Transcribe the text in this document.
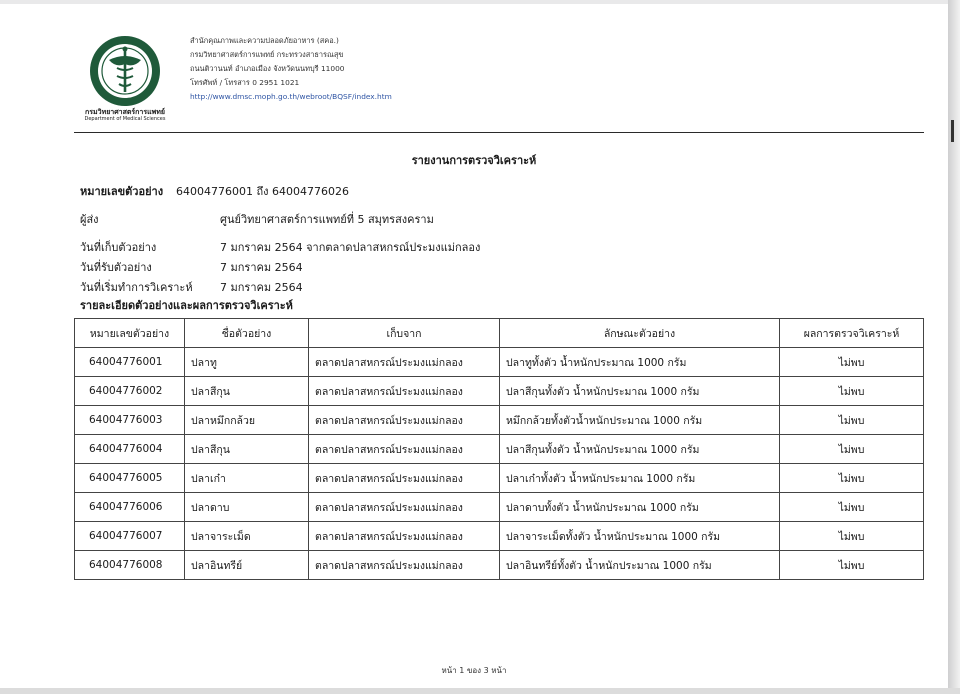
กรมวิทยาศาสตร์การแพทย์
Department of Medical Sciences
สำนักคุณภาพและความปลอดภัยอาหาร (สคอ.)
กรมวิทยาศาสตร์การแพทย์ กระทรวงสาธารณสุข
ถนนติวานนท์ อำเภอเมือง จังหวัดนนทบุรี 11000
โทรศัพท์ / โทรสาร 0 2951 1021
http://www.dmsc.moph.go.th/webroot/BQSF/index.htm
รายงานการตรวจวิเคราะห์
หมายเลขตัวอย่าง 64004776001 ถึง 64004776026
ผู้ส่ง	ศูนย์วิทยาศาสตร์การแพทย์ที่ 5 สมุทรสงคราม
วันที่เก็บตัวอย่าง	7 มกราคม 2564 จากตลาดปลาสหกรณ์ประมงแม่กลอง
วันที่รับตัวอย่าง	7 มกราคม 2564
วันที่เริ่มทำการวิเคราะห์ 7 มกราคม 2564
รายละเอียดตัวอย่างและผลการตรวจวิเคราะห์
หมายเลขตัวอย่าง	ชื่อตัวอย่าง	เก็บจาก	ลักษณะตัวอย่าง	ผลการตรวจวิเคราะห์
64004776001	ปลาทู	ตลาดปลาสหกรณ์ประมงแม่กลอง	ปลาทูทั้งตัว น้ำหนักประมาณ 1000 กรัม	ไม่พบ
64004776002	ปลาสีกุน	ตลาดปลาสหกรณ์ประมงแม่กลอง	ปลาสีกุนทั้งตัว น้ำหนักประมาณ 1000 กรัม	ไม่พบ
64004776003	ปลาหมึกกล้วย	ตลาดปลาสหกรณ์ประมงแม่กลอง	หมึกกล้วยทั้งตัวน้ำหนักประมาณ 1000 กรัม	ไม่พบ
64004776004	ปลาสีกุน	ตลาดปลาสหกรณ์ประมงแม่กลอง	ปลาสีกุนทั้งตัว น้ำหนักประมาณ 1000 กรัม	ไม่พบ
64004776005	ปลาเก๋า	ตลาดปลาสหกรณ์ประมงแม่กลอง	ปลาเก๋าทั้งตัว น้ำหนักประมาณ 1000 กรัม	ไม่พบ
64004776006	ปลาดาบ	ตลาดปลาสหกรณ์ประมงแม่กลอง	ปลาดาบทั้งตัว น้ำหนักประมาณ 1000 กรัม	ไม่พบ
64004776007	ปลาจาระเม็ด	ตลาดปลาสหกรณ์ประมงแม่กลอง	ปลาจาระเม็ดทั้งตัว น้ำหนักประมาณ 1000 กรัม	ไม่พบ
64004776008	ปลาอินทรีย์	ตลาดปลาสหกรณ์ประมงแม่กลอง	ปลาอินทรีย์ทั้งตัว น้ำหนักประมาณ 1000 กรัม	ไม่พบ
หน้า 1 ของ 3 หน้า
